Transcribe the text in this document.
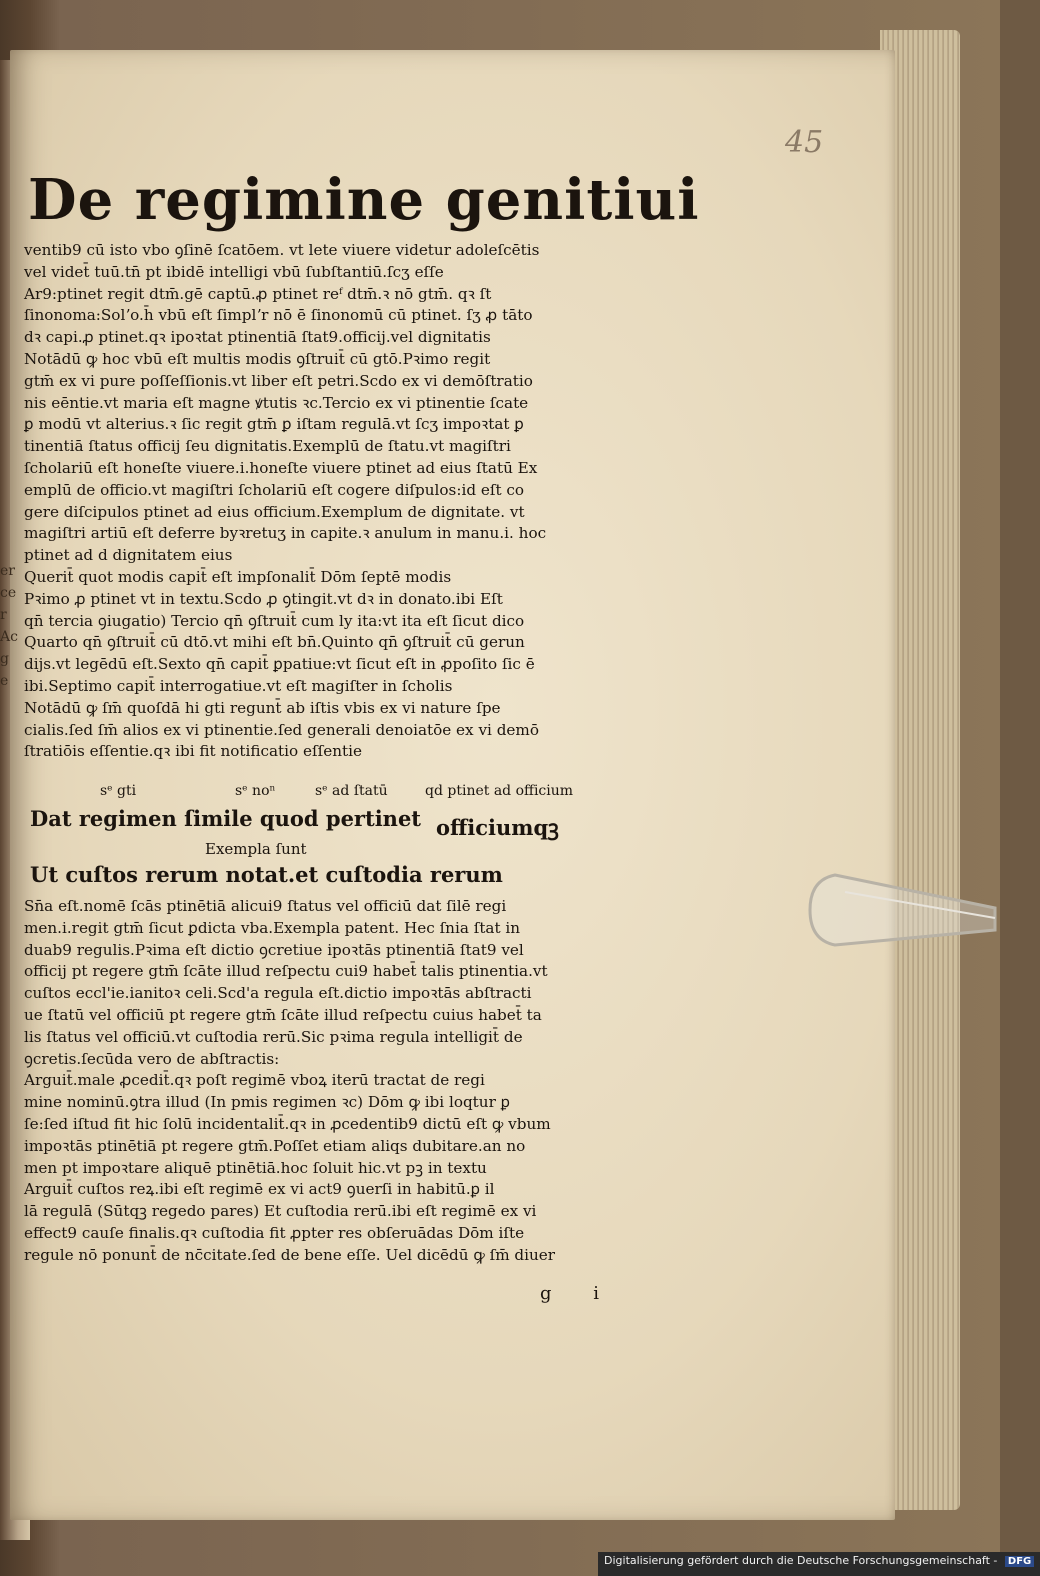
45
De regimine genitiui
ventib9 cū isto vbo ꝯſinē ſcatōem. vt lete viuere videtur adoleſcētis
vel videt̄ tuū.tn̄ pt ibidē intelligi vbū ſubſtantiū.ſcʒ eſſe
Ar9:ptinet regit dtm̄.gē captū.ꝓ ptinet reᶠ dtm̄.ꝛ nō gtm̄. qꝛ ſt
ſinonoma:Solʼo.h̄ vbū eſt ſimplʼr nō ē ſinonomū cū ptinet. ſʒ ꝓ tāto
dꝛ capi.ꝓ ptinet.qꝛ ipoꝛtat ptinentiā ſtat9.officij.vel dignitatis
Notādū ꝙ hoc vbū eſt multis modis ꝯſtruit̄ cū gtō.Pꝛimo regit
gtm̄ ex vi pure poſſeſſionis.vt liber eſt petri.Scdo ex vi demōſtratio
nis eēntie.vt maria eſt magne ꝟtutis ꝛc.Tercio ex vi ptinentie ſcate
ꝑ modū vt alterius.ꝛ ſic regit gtm̄ ꝑ iſtam regulā.vt ſcʒ impoꝛtat ꝑ
tinentiā ſtatus officij ſeu dignitatis.Exemplū de ſtatu.vt magiſtri
ſcholariū eſt honeſte viuere.i.honeſte viuere ptinet ad eius ſtatū Ex
emplū de officio.vt magiſtri ſcholariū eſt cogere diſpulos:id eſt co
gere diſcipulos ptinet ad eius officium.Exemplum de dignitate. vt
magiſtri artiū eſt deferre byꝛretuʒ in capite.ꝛ anulum in manu.i. hoc
ptinet ad d dignitatem eius
Querit̄ quot modis capit̄ eſt impſonalit̄ Dōm ſeptē modis
Pꝛimo ꝓ ptinet vt in textu.Scdo ꝓ ꝯtingit.vt dꝛ in donato.ibi Eſt
qn̄ tercia ꝯiugatio) Tercio qn̄ ꝯſtruit̄ cum ly ita:vt ita eſt ſicut dico
Quarto qn̄ ꝯſtruit̄ cū dtō.vt mihi eſt bn̄.Quinto qn̄ ꝯſtruit̄ cū gerun
dijs.vt legēdū eſt.Sexto qn̄ capit̄ ꝑpatiue:vt ſicut eſt in ꝓpoſito ſic ē
ibi.Septimo capit̄ interrogatiue.vt eſt magiſter in ſcholis
Notādū ꝙ ſm̄ quoſdā hi gti regunt̄ ab iſtis vbis ex vi nature ſpe
cialis.ſed ſm̄ alios ex vi ptinentie.ſed generali denoiatōe ex vi demō
ſtratiōis eſſentie.qꝛ ibi fit notificatio eſſentie
sᵉ gti	sᵉ noⁿ	sᵉ ad ſtatū	qd ptinet ad officium
Dat regimen ſimile quod pertinet officiumqꝫ
Exempla ſunt
Ut cuſtos rerum notat.et cuſtodia rerum
Sn̄a eſt.nomē ſcās ptinētiā alicui9 ſtatus vel officiū dat ſilē regi
men.i.regit gtm̄ ſicut ꝑdicta vba.Exempla patent. Hec ſnia ſtat in
duab9 regulis.Pꝛima eſt dictio ꝯcretiue ipoꝛtās ptinentiā ſtat9 vel
officij pt regere gtm̄ ſcāte illud reſpectu cui9 habet̄ talis ptinentia.vt
cuſtos eccl'ie.ianitoꝛ celi.Scd'a regula eſt.dictio impoꝛtās abſtracti
ue ſtatū vel officiū pt regere gtm̄ ſcāte illud reſpectu cuius habet̄ ta
lis ſtatus vel officiū.vt cuſtodia rerū.Sic pꝛima regula intelligit̄ de
ꝯcretis.ſecūda vero de abſtractis:
Arguit̄.male ꝓcedit̄.qꝛ poſt regimē vboꝝ iterū tractat de regi
mine nominū.ꝯtra illud (In pmis regimen ꝛc) Dōm ꝙ ibi loqtur ꝑ
ſe:ſed iſtud fit hic ſolū incidentalit̄.qꝛ in ꝓcedentib9 dictū eſt ꝙ vbum
impoꝛtās ptinētiā pt regere gtm̄.Poſſet etiam aliqs dubitare.an no
men pt impoꝛtare aliquē ptinētiā.hoc ſoluit hic.vt pꝫ in textu
Arguit̄ cuſtos reꝝ.ibi eſt regimē ex vi act9 ꝯuerſi in habitū.ꝑ il
lā regulā (Sūtqꝫ regedo pares) Et cuſtodia rerū.ibi eſt regimē ex vi
effect9 cauſe finalis.qꝛ cuſtodia fit ꝓpter res obſeruādas Dōm iſte
regule nō ponunt̄ de nc̄citate.ſed de bene eſſe. Uel dicēdū ꝙ ſm̄ diuer
g i
er ce r
Ac
g
e
Digitalisierung gefördert durch die Deutsche Forschungsgemeinschaft - DFG
